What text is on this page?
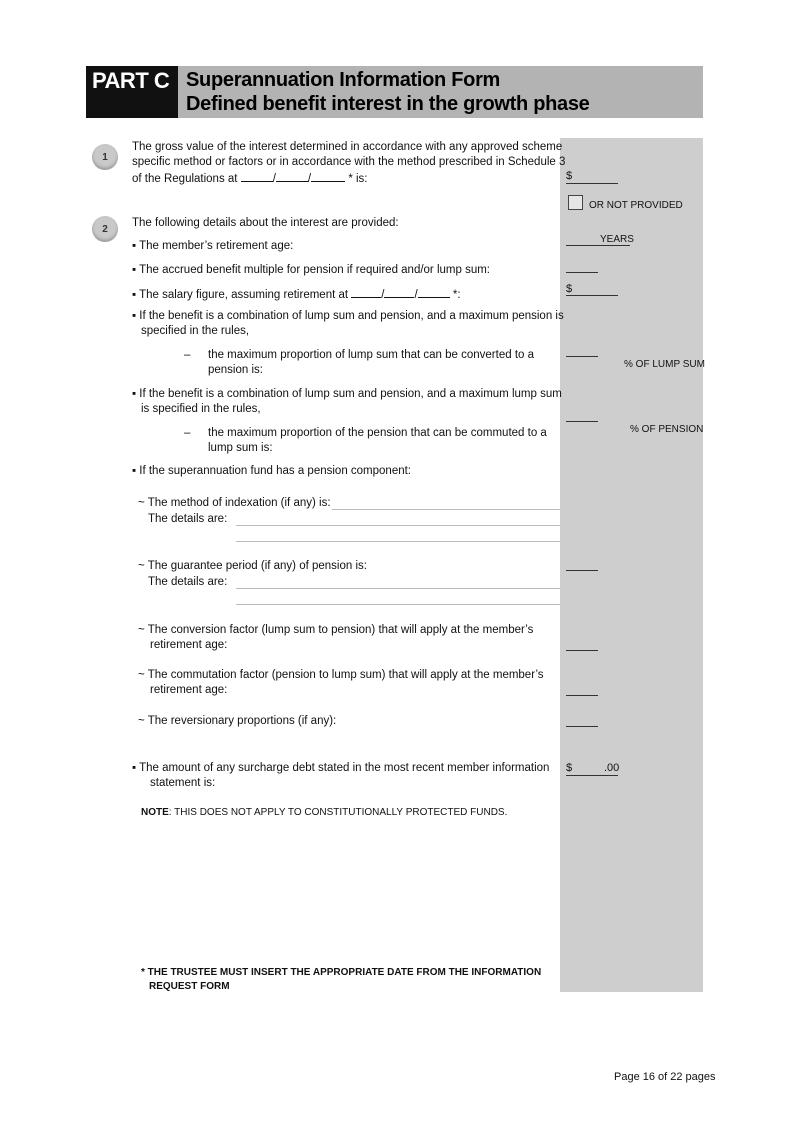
PART C Superannuation Information Form
Defined benefit interest in the growth phase
1
The gross value of the interest determined in accordance with any approved scheme
specific method or factors or in accordance with the method prescribed in Schedule 3
of the Regulations at	/	/	* is:	$
OR NOT PROVIDED
2	The following details about the interest are provided:
▪ The member’s retirement age:
YEARS
▪ The accrued benefit multiple for pension if required and/or lump sum:
▪ The salary figure, assuming retirement at	/	/	*:	$
▪ If the benefit is a combination of lump sum and pension, and a maximum pension is
specified in the rules,
– the maximum proportion of lump sum that can be converted to a
pension is:	% OF LUMP SUM
▪ If the benefit is a combination of lump sum and pension, and a maximum lump sum
is specified in the rules,
– the maximum proportion of the pension that can be commuted to a
lump sum is:
% OF PENSION
▪ If the superannuation fund has a pension component:
~ The method of indexation (if any) is:
The details are:
~ The guarantee period (if any) of pension is:
The details are:
~ The conversion factor (lump sum to pension) that will apply at the member’s
retirement age:
~ The commutation factor (pension to lump sum) that will apply at the member’s
retirement age:
~ The reversionary proportions (if any):
▪ The amount of any surcharge debt stated in the most recent member information
statement is:
$	.00
NOTE: THIS DOES NOT APPLY TO CONSTITUTIONALLY PROTECTED FUNDS.
* THE TRUSTEE MUST INSERT THE APPROPRIATE DATE FROM THE INFORMATION
REQUEST FORM
Page 16 of 22 pages
